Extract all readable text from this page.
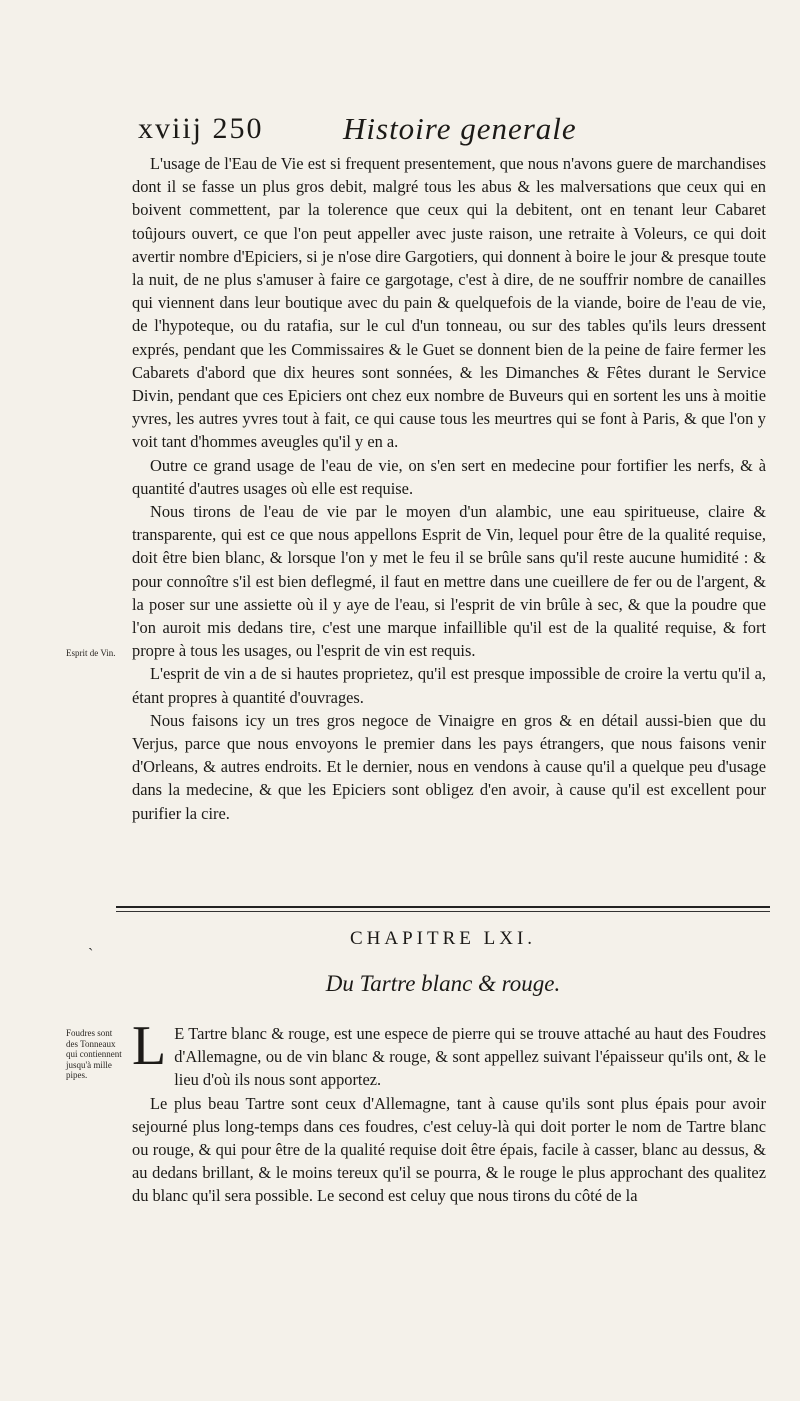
xviij 250	Histoire generale

L'usage de l'Eau de Vie est si frequent presentement, que nous n'avons guere de marchandises dont il se fasse un plus gros debit, malgré tous les abus & les malversations que ceux qui en boivent commettent, par la tolerence que ceux qui la debitent, ont en tenant leur Cabaret toûjours ouvert, ce que l'on peut appeller avec juste raison, une retraite à Voleurs, ce qui doit avertir nombre d'Epiciers, si je n'ose dire Gargotiers, qui donnent à boire le jour & presque toute la nuit, de ne plus s'amuser à faire ce gargotage, c'est à dire, de ne souffrir nombre de canailles qui viennent dans leur boutique avec du pain & quelquefois de la viande, boire de l'eau de vie, de l'hypoteque, ou du ratafia, sur le cul d'un tonneau, ou sur des tables qu'ils leurs dressent exprés, pendant que les Commissaires & le Guet se donnent bien de la peine de faire fermer les Cabarets d'abord que dix heures sont sonnées, & les Dimanches & Fêtes durant le Service Divin, pendant que ces Epiciers ont chez eux nombre de Buveurs qui en sortent les uns à moitie yvres, les autres yvres tout à fait, ce qui cause tous les meurtres qui se font à Paris, & que l'on y voit tant d'hommes aveugles qu'il y en a.

Outre ce grand usage de l'eau de vie, on s'en sert en medecine pour fortifier les nerfs, & à quantité d'autres usages où elle est requise.

Nous tirons de l'eau de vie par le moyen d'un alambic, une eau spiritueuse, claire & transparente, qui est ce que nous appellons Esprit de Vin, lequel pour être de la qualité requise, doit être bien blanc, & lorsque l'on y met le feu il se brûle sans qu'il reste aucune humidité : & pour connoître s'il est bien deflegmé, il faut en mettre dans une cueillere de fer ou de l'argent, & la poser sur une assiette où il y aye de l'eau, si l'esprit de vin brûle à sec, & que la poudre que l'on auroit mis dedans tire, c'est une marque infaillible qu'il est de la qualité requise, & fort propre à tous les usages, ou l'esprit de vin est requis.

L'esprit de vin a de si hautes proprietez, qu'il est presque impossible de croire la vertu qu'il a, étant propres à quantité d'ouvrages.

Nous faisons icy un tres gros negoce de Vinaigre en gros & en détail aussi-bien que du Verjus, parce que nous envoyons le premier dans les pays étrangers, que nous faisons venir d'Orleans, & autres endroits. Et le dernier, nous en vendons à cause qu'il a quelque peu d'usage dans la medecine, & que les Epiciers sont obligez d'en avoir, à cause qu'il est excellent pour purifier la cire.

Esprit de Vin.
ˏ	CHAPITRE LXI.
Du Tartre blanc & rouge.
Foudres sont des Tonneaux qui contiennent jusqu'à mille pipes. L E Tartre blanc & rouge, est une espece de pierre qui se trouve attaché au haut des Foudres d'Allemagne, ou de vin blanc & rouge, & sont appellez suivant l'épaisseur qu'ils ont, & le lieu d'où ils nous sont apportez.

Le plus beau Tartre sont ceux d'Allemagne, tant à cause qu'ils sont plus épais pour avoir sejourné plus long-temps dans ces foudres, c'est celuy-là qui doit porter le nom de Tartre blanc ou rouge, & qui pour être de la qualité requise doit être épais, facile à casser, blanc au dessus, & au dedans brillant, & le moins tereux qu'il se pourra, & le rouge le plus approchant des qualitez du blanc qu'il sera possible. Le second est celuy que nous tirons du côté de la
